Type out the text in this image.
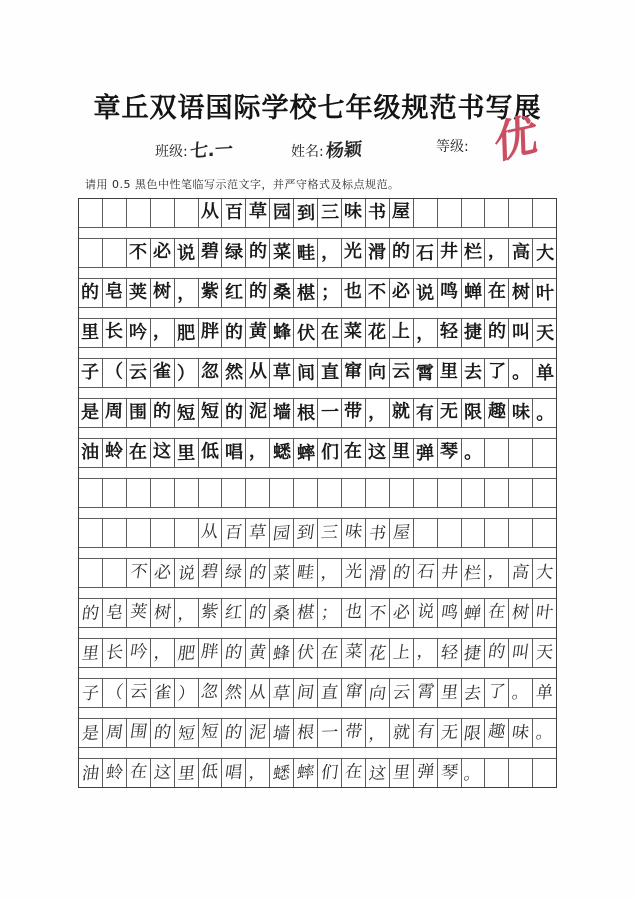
章丘双语国际学校七年级规范书写展
班级:七.一	姓名:杨颖	等级: 优
请用 0.5 黑色中性笔临写示范文字，并严守格式及标点规范。
从 百 草 园 到 三 味 书 屋
不 必 说 碧 绿 的 菜 畦 ， 光 滑 的 石 井 栏 ， 高 大
的 皂 荚 树 ， 紫 红 的 桑 椹 ； 也 不 必 说 鸣 蝉 在 树 叶
里 长 吟 ， 肥 胖 的 黄 蜂 伏 在 菜 花 上 ， 轻 捷 的 叫 天
子 （ 云 雀 ） 忽 然 从 草 间 直 窜 向 云 霄 里 去 了 。 单
是 周 围 的 短 短 的 泥 墙 根 一 带 ， 就 有 无 限 趣 味 。
油 蛉 在 这 里 低 唱 ， 蟋 蟀 们 在 这 里 弹 琴 。
从 百 草 园 到 三 味 书 屋
不 必 说 碧 绿 的 菜 畦 ， 光 滑 的 石 井 栏 ， 高 大
的 皂 荚 树 ， 紫 红 的 桑 椹 ； 也 不 必 说 鸣 蝉 在 树 叶
里 长 吟 ， 肥 胖 的 黄 蜂 伏 在 菜 花 上 ， 轻 捷 的 叫 天
子 （ 云 雀 ） 忽 然 从 草 间 直 窜 向 云 霄 里 去 了 。 单
是 周 围 的 短 短 的 泥 墙 根 一 带 ， 就 有 无 限 趣 味 。
油 蛉 在 这 里 低 唱 ， 蟋 蟀 们 在 这 里 弹 琴 。
